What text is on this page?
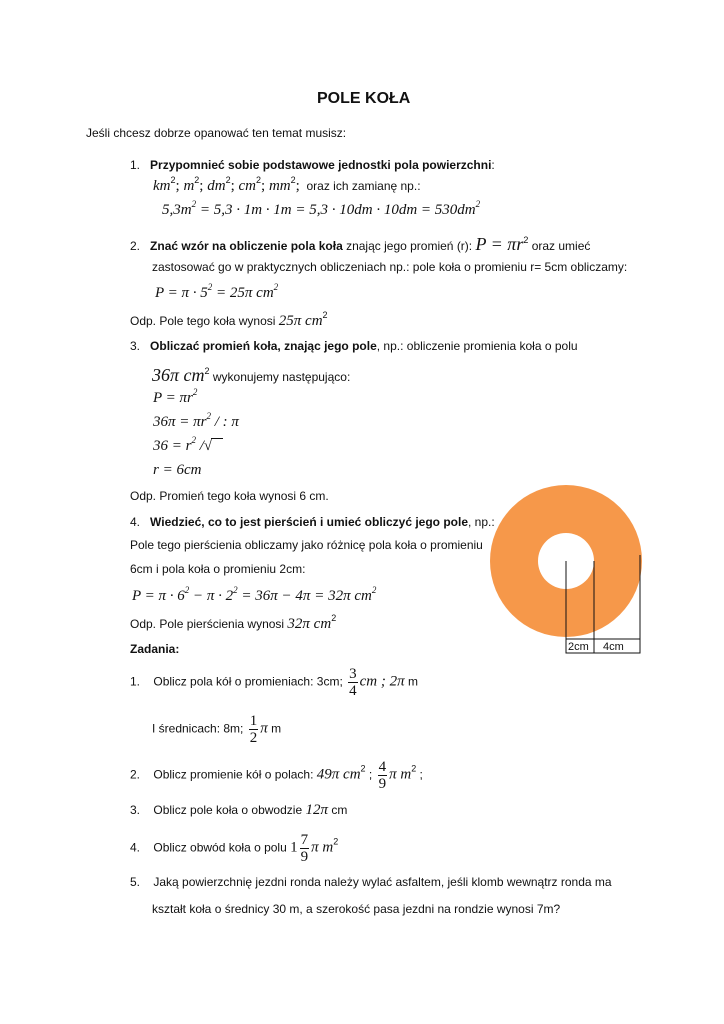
POLE KOŁA
Jeśli chcesz dobrze opanować ten temat musisz:
1. Przypomnieć sobie podstawowe jednostki pola powierzchni:
$km^2$; $m^2$; $dm^2$; $cm^2$; $mm^2$; oraz ich zamianę np.:
$5,3m^2 = 5,3 \cdot 1m \cdot 1m = 5,3 \cdot 10dm \cdot 10dm = 530dm^2$
2. Znać wzór na obliczenie pola koła znając jego promień (r): $P = \pi r^2$ oraz umieć
zastosować go w praktycznych obliczeniach np.: pole koła o promieniu r= 5cm obliczamy:
$P = \pi \cdot 5^2 = 25\pi$ $cm^2$
Odp. Pole tego koła wynosi 25π $cm^2$
3. Obliczać promień koła, znając jego pole, np.: obliczenie promienia koła o polu
36π $cm^2$ wykonujemy następująco:
$P = \pi r^2$
$36\pi = \pi r^2$ / : π
$36 = r^2$ /√
r = 6cm
Odp. Promień tego koła wynosi 6 cm.
4. Wiedzieć, co to jest pierścień i umieć obliczyć jego pole, np.:
Pole tego pierścienia obliczamy jako różnicę pola koła o promieniu
6cm i pola koła o promieniu 2cm:
$P = \pi \cdot 6^2 - \pi \cdot 2^2 = 36\pi - 4\pi = 32\pi$ $cm^2$
Odp. Pole pierścienia wynosi 32π $cm^2$
2cm 4cm
Zadania:
1. Oblicz pola kół o promieniach: 3cm; $\frac{3}{4}$ cm ; 2π m
I średnicach: 8m; $\frac{1}{2}$ π m
2. Oblicz promienie kół o polach: 49π $cm^2$ ; $\frac{4}{9}$ π $m^2$ ;
3. Oblicz pole koła o obwodzie 12π cm
4. Oblicz obwód koła o polu $1 \frac{7}{9}$ π $m^2$
5. Jaką powierzchnię jezdni ronda należy wylać asfaltem, jeśli klomb wewnątrz ronda ma
kształt koła o średnicy 30 m, a szerokość pasa jezdni na rondzie wynosi 7m?
